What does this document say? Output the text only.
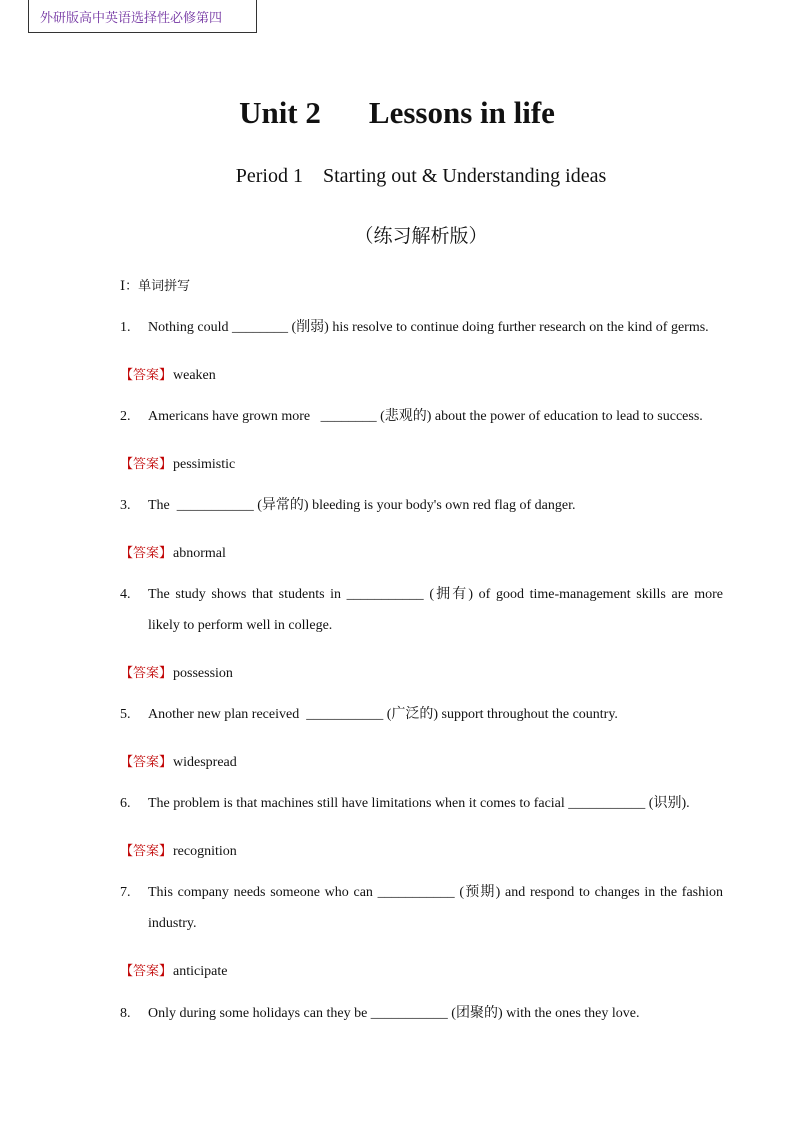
外研版高中英语选择性必修第四
Unit 2 Lessons in life
Period 1 Starting out & Understanding ideas
（练习解析版）
I：单词拼写
1.	Nothing could ________ (削弱) his resolve to continue doing further research on the kind of germs.
【答案】weaken
2.	Americans have grown more   ________ (悲观的) about the power of education to lead to success.
【答案】pessimistic
3.	The  ___________ (异常的) bleeding is your body's own red flag of danger.
【答案】abnormal
4.	The study shows that students in ___________ (拥有) of good time-management skills are more likely to perform well in college.
【答案】possession
5.	Another new plan received  ___________ (广泛的) support throughout the country.
【答案】widespread
6.	The problem is that machines still have limitations when it comes to facial ___________ (识别).
【答案】recognition
7.	This company needs someone who can ___________ (预期) and respond to changes in the fashion industry.
【答案】anticipate
8.	Only during some holidays can they be ___________ (团聚的) with the ones they love.
